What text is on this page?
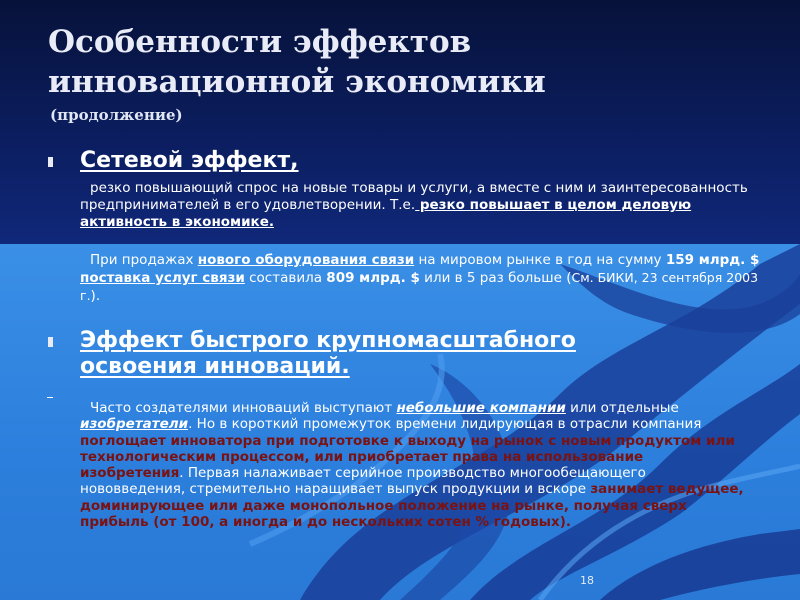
Особенности эффектов
инновационной экономики
(продолжение)
Сетевой эффект,

резко повышающий спрос на новые товары и услуги, а вместе с ним и заинтересованность предпринимателей в его удовлетворении. Т.е. резко повышает в целом деловую активность в экономике.

При продажах нового оборудования связи на мировом рынке в год на сумму 159 млрд. $ поставка услуг связи составила 809 млрд. $ или в 5 раз больше (См. БИКИ, 23 сентября 2003 г.).

Эффект быстрого крупномасштабного
освоения инноваций.

Часто создателями инноваций выступают небольшие компании или отдельные изобретатели. Но в короткий промежуток времени лидирующая в отрасли компания поглощает инноватора при подготовке к выходу на рынок с новым продуктом или технологическим процессом, или приобретает права на использование изобретения. Первая налаживает серийное производство многообещающего нововведения, стремительно наращивает выпуск продукции и вскоре занимает ведущее, доминирующее или даже монопольное положение на рынке, получая сверх прибыль (от 100, а иногда и до нескольких сотен % годовых).

18
